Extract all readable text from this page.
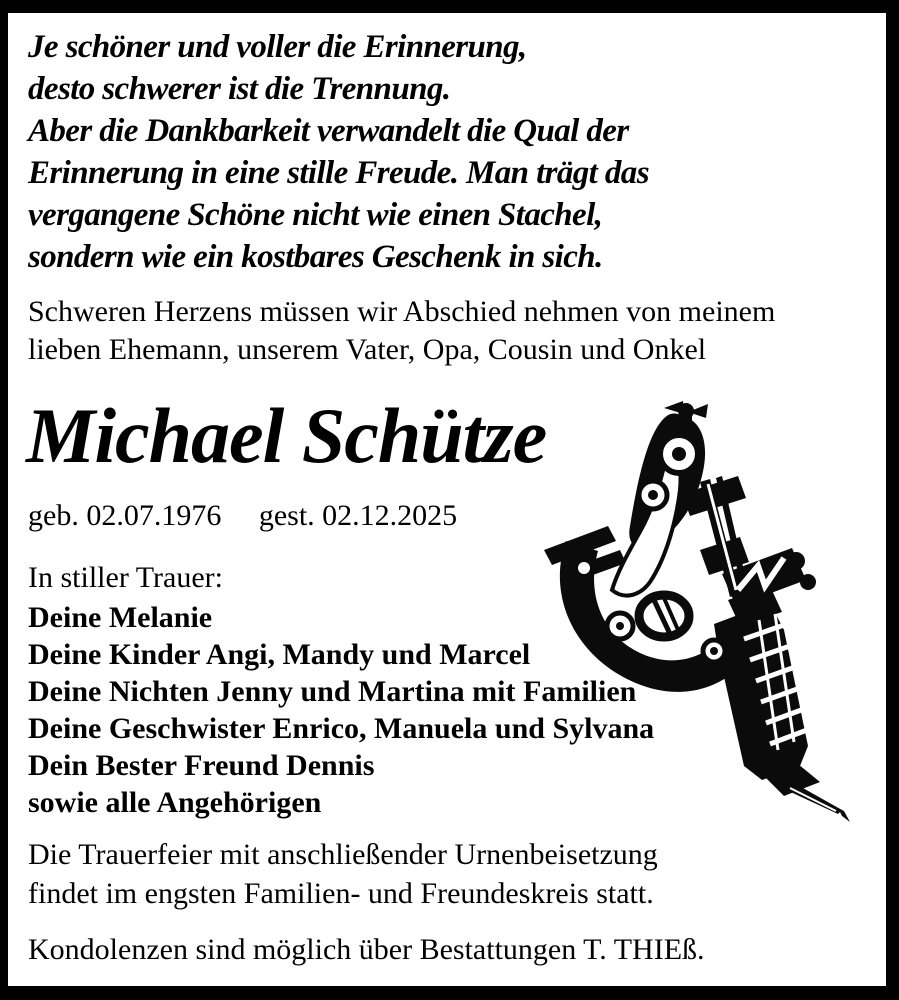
Je schöner und voller die Erinnerung,
desto schwerer ist die Trennung.
Aber die Dankbarkeit verwandelt die Qual der
Erinnerung in eine stille Freude. Man trägt das
vergangene Schöne nicht wie einen Stachel,
sondern wie ein kostbares Geschenk in sich.
Schweren Herzens müssen wir Abschied nehmen von meinem
lieben Ehemann, unserem Vater, Opa, Cousin und Onkel
Michael Schütze
geb. 02.07.1976 gest. 02.12.2025
In stiller Trauer:
Deine Melanie
Deine Kinder Angi, Mandy und Marcel
Deine Nichten Jenny und Martina mit Familien
Deine Geschwister Enrico, Manuela und Sylvana
Dein Bester Freund Dennis
sowie alle Angehörigen
Die Trauerfeier mit anschließender Urnenbeisetzung
findet im engsten Familien- und Freundeskreis statt.
Kondolenzen sind möglich über Bestattungen T. THIEß.
